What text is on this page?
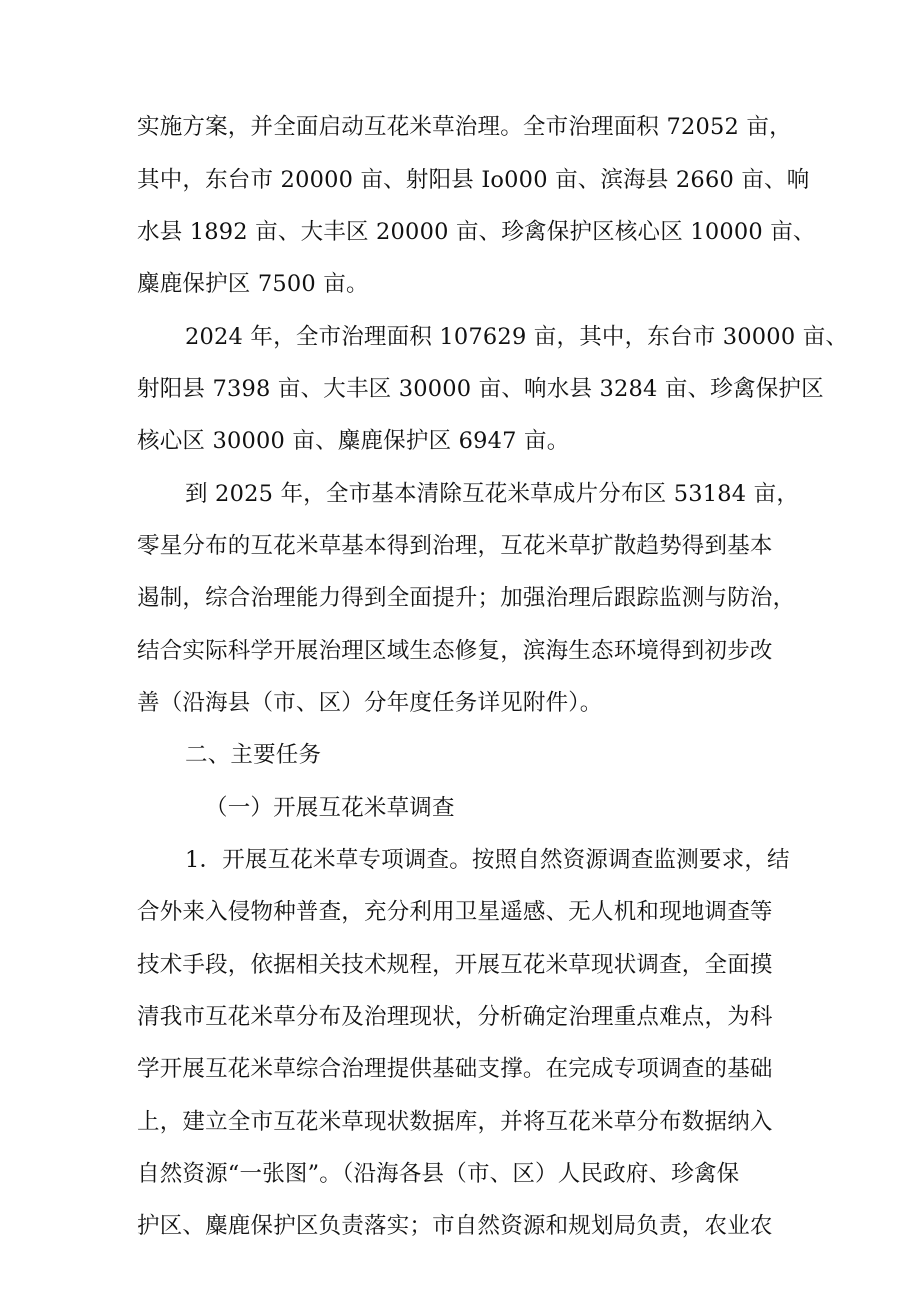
实施方案，并全面启动互花米草治理。全市治理面积 72052 亩，
其中，东台市 20000 亩、射阳县 Io000 亩、滨海县 2660 亩、响
水县 1892 亩、大丰区 20000 亩、珍禽保护区核心区 10000 亩、
麋鹿保护区 7500 亩。
2024 年，全市治理面积 107629 亩，其中，东台市 30000 亩、
射阳县 7398 亩、大丰区 30000 亩、响水县 3284 亩、珍禽保护区
核心区 30000 亩、麋鹿保护区 6947 亩。
到 2025 年，全市基本清除互花米草成片分布区 53184 亩，
零星分布的互花米草基本得到治理，互花米草扩散趋势得到基本
遏制，综合治理能力得到全面提升；加强治理后跟踪监测与防治，
结合实际科学开展治理区域生态修复，滨海生态环境得到初步改
善（沿海县（市、区）分年度任务详见附件）。
二、主要任务
（一）开展互花米草调查
1．开展互花米草专项调查。按照自然资源调查监测要求，结
合外来入侵物种普查，充分利用卫星遥感、无人机和现地调查等
技术手段，依据相关技术规程，开展互花米草现状调查，全面摸
清我市互花米草分布及治理现状，分析确定治理重点难点，为科
学开展互花米草综合治理提供基础支撑。在完成专项调查的基础
上，建立全市互花米草现状数据库，并将互花米草分布数据纳入
自然资源“一张图”。（沿海各县（市、区）人民政府、珍禽保
护区、麋鹿保护区负责落实；市自然资源和规划局负责，农业农
